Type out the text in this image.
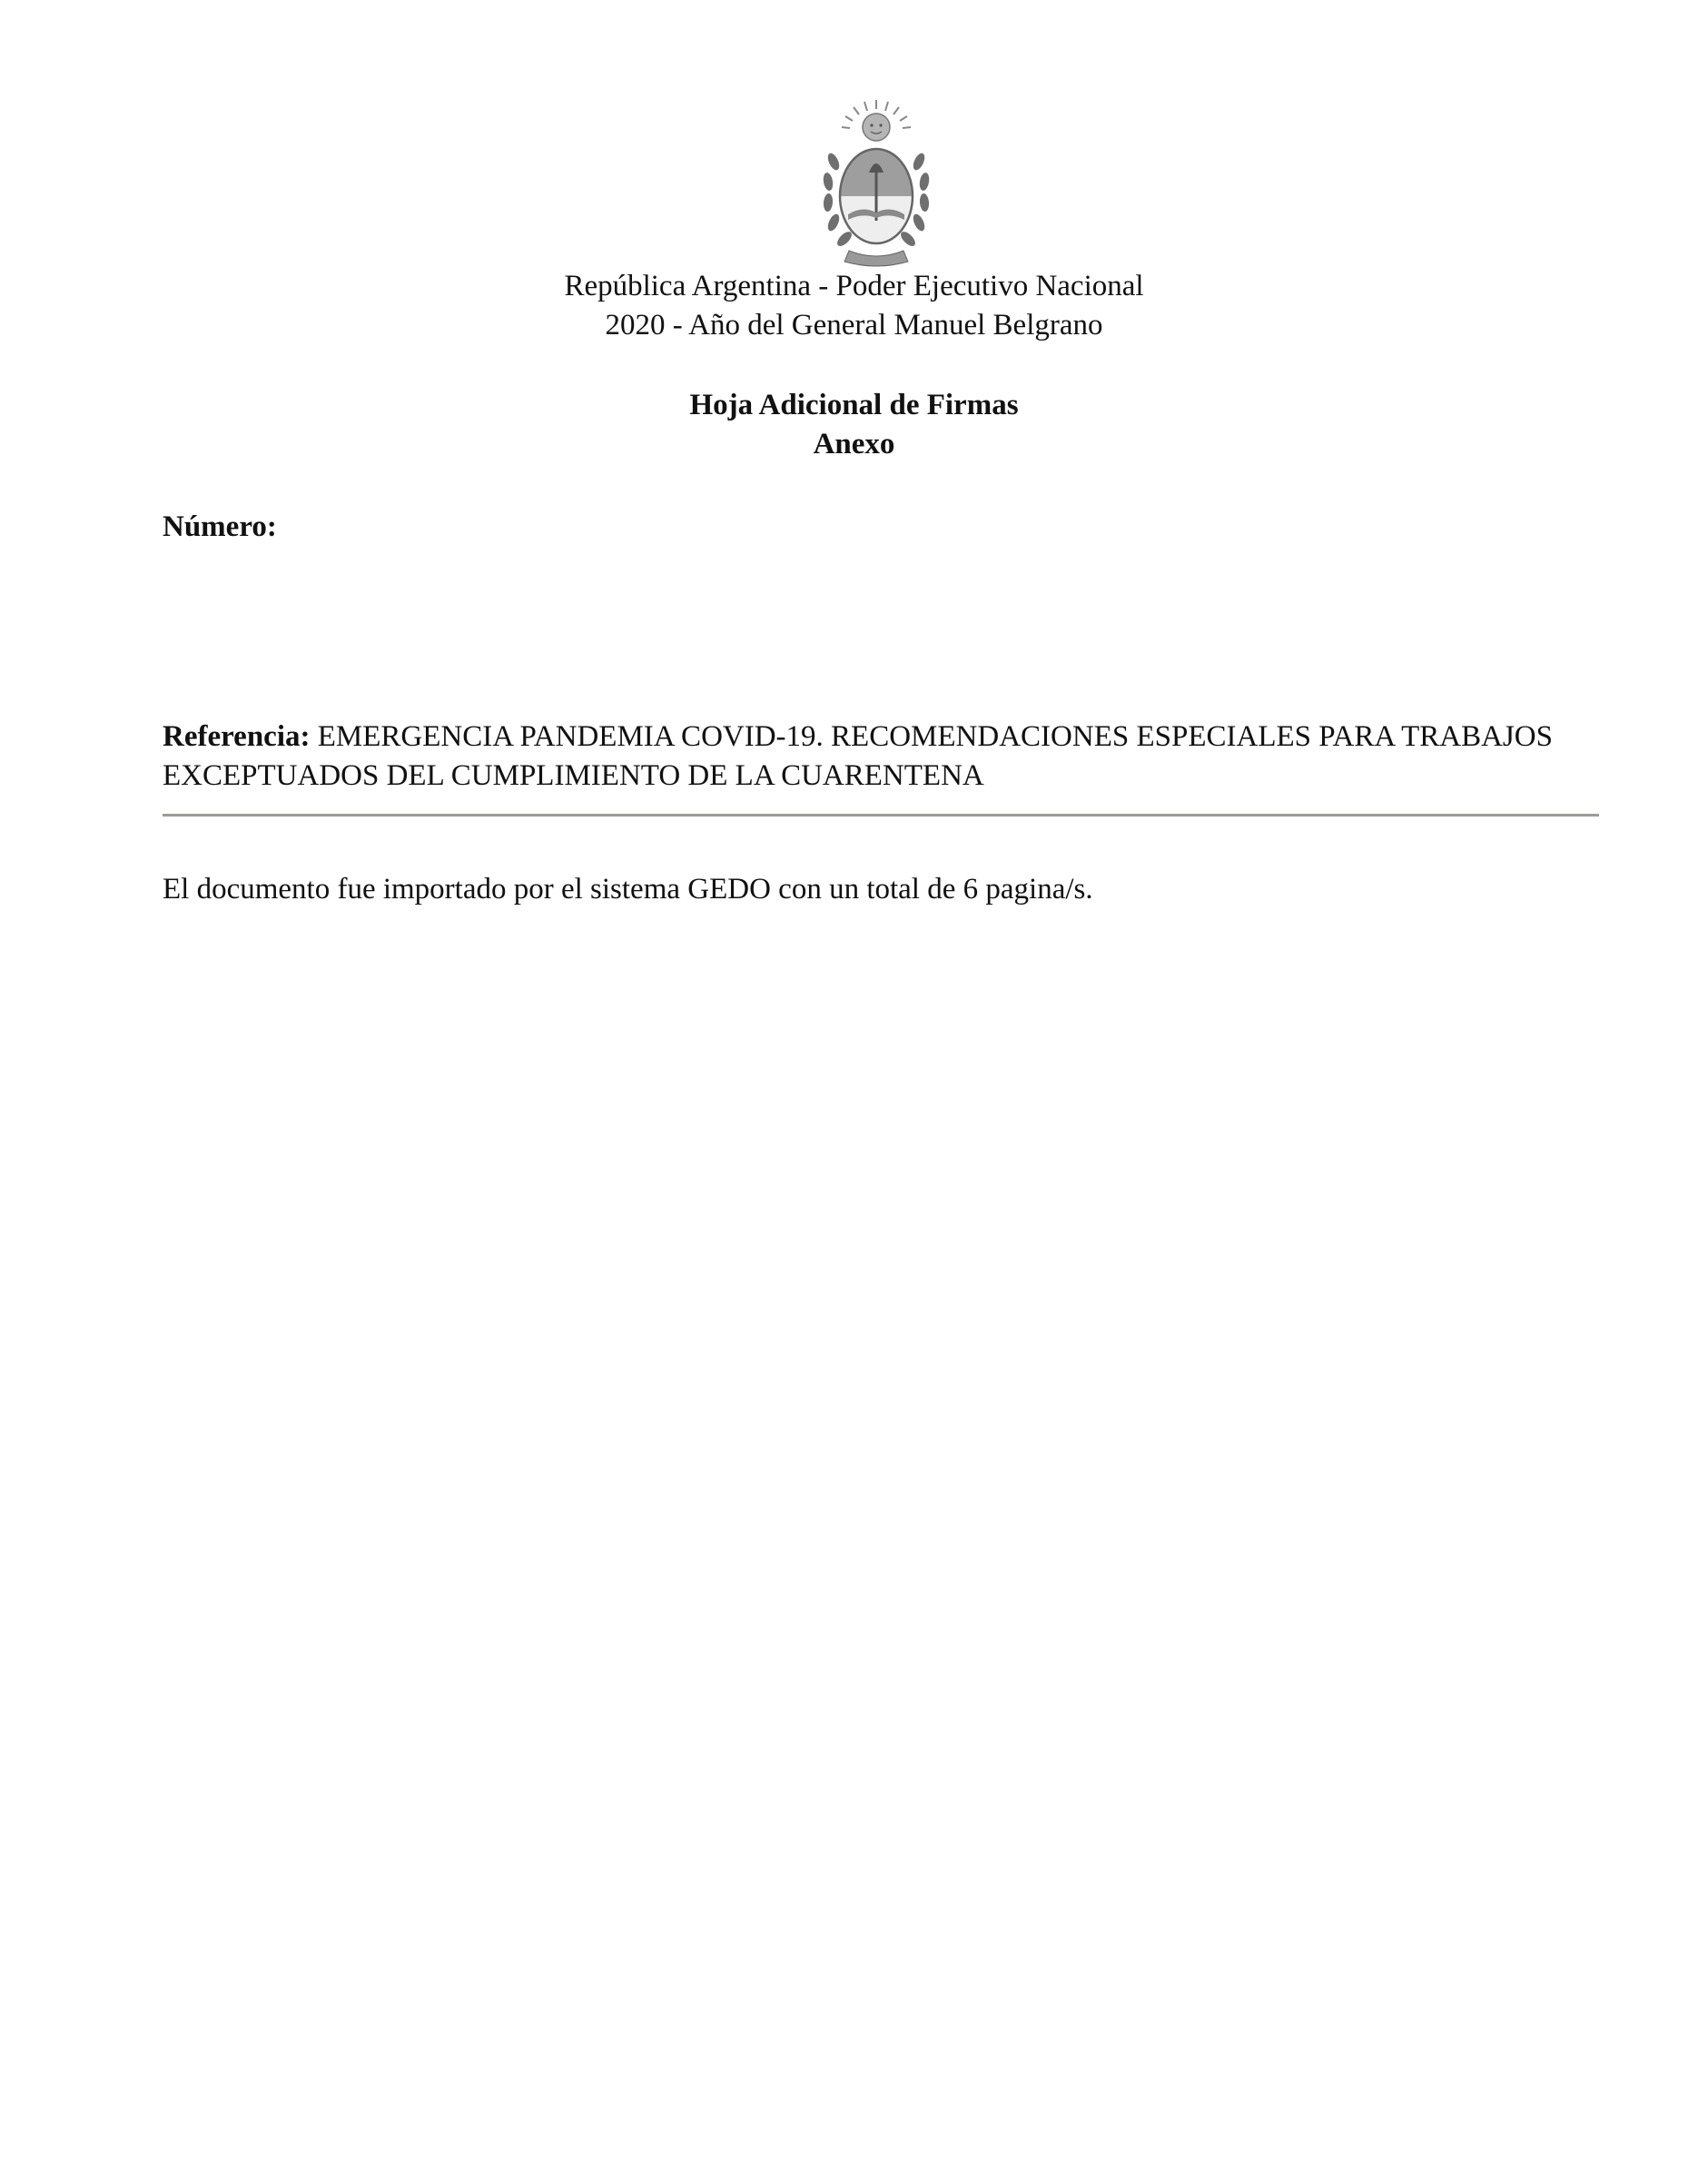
República Argentina - Poder Ejecutivo Nacional
2020 - Año del General Manuel Belgrano
Hoja Adicional de Firmas
Anexo
Número:
Referencia: EMERGENCIA PANDEMIA COVID-19. RECOMENDACIONES ESPECIALES PARA TRABAJOS EXCEPTUADOS DEL CUMPLIMIENTO DE LA CUARENTENA
El documento fue importado por el sistema GEDO con un total de 6 pagina/s.
